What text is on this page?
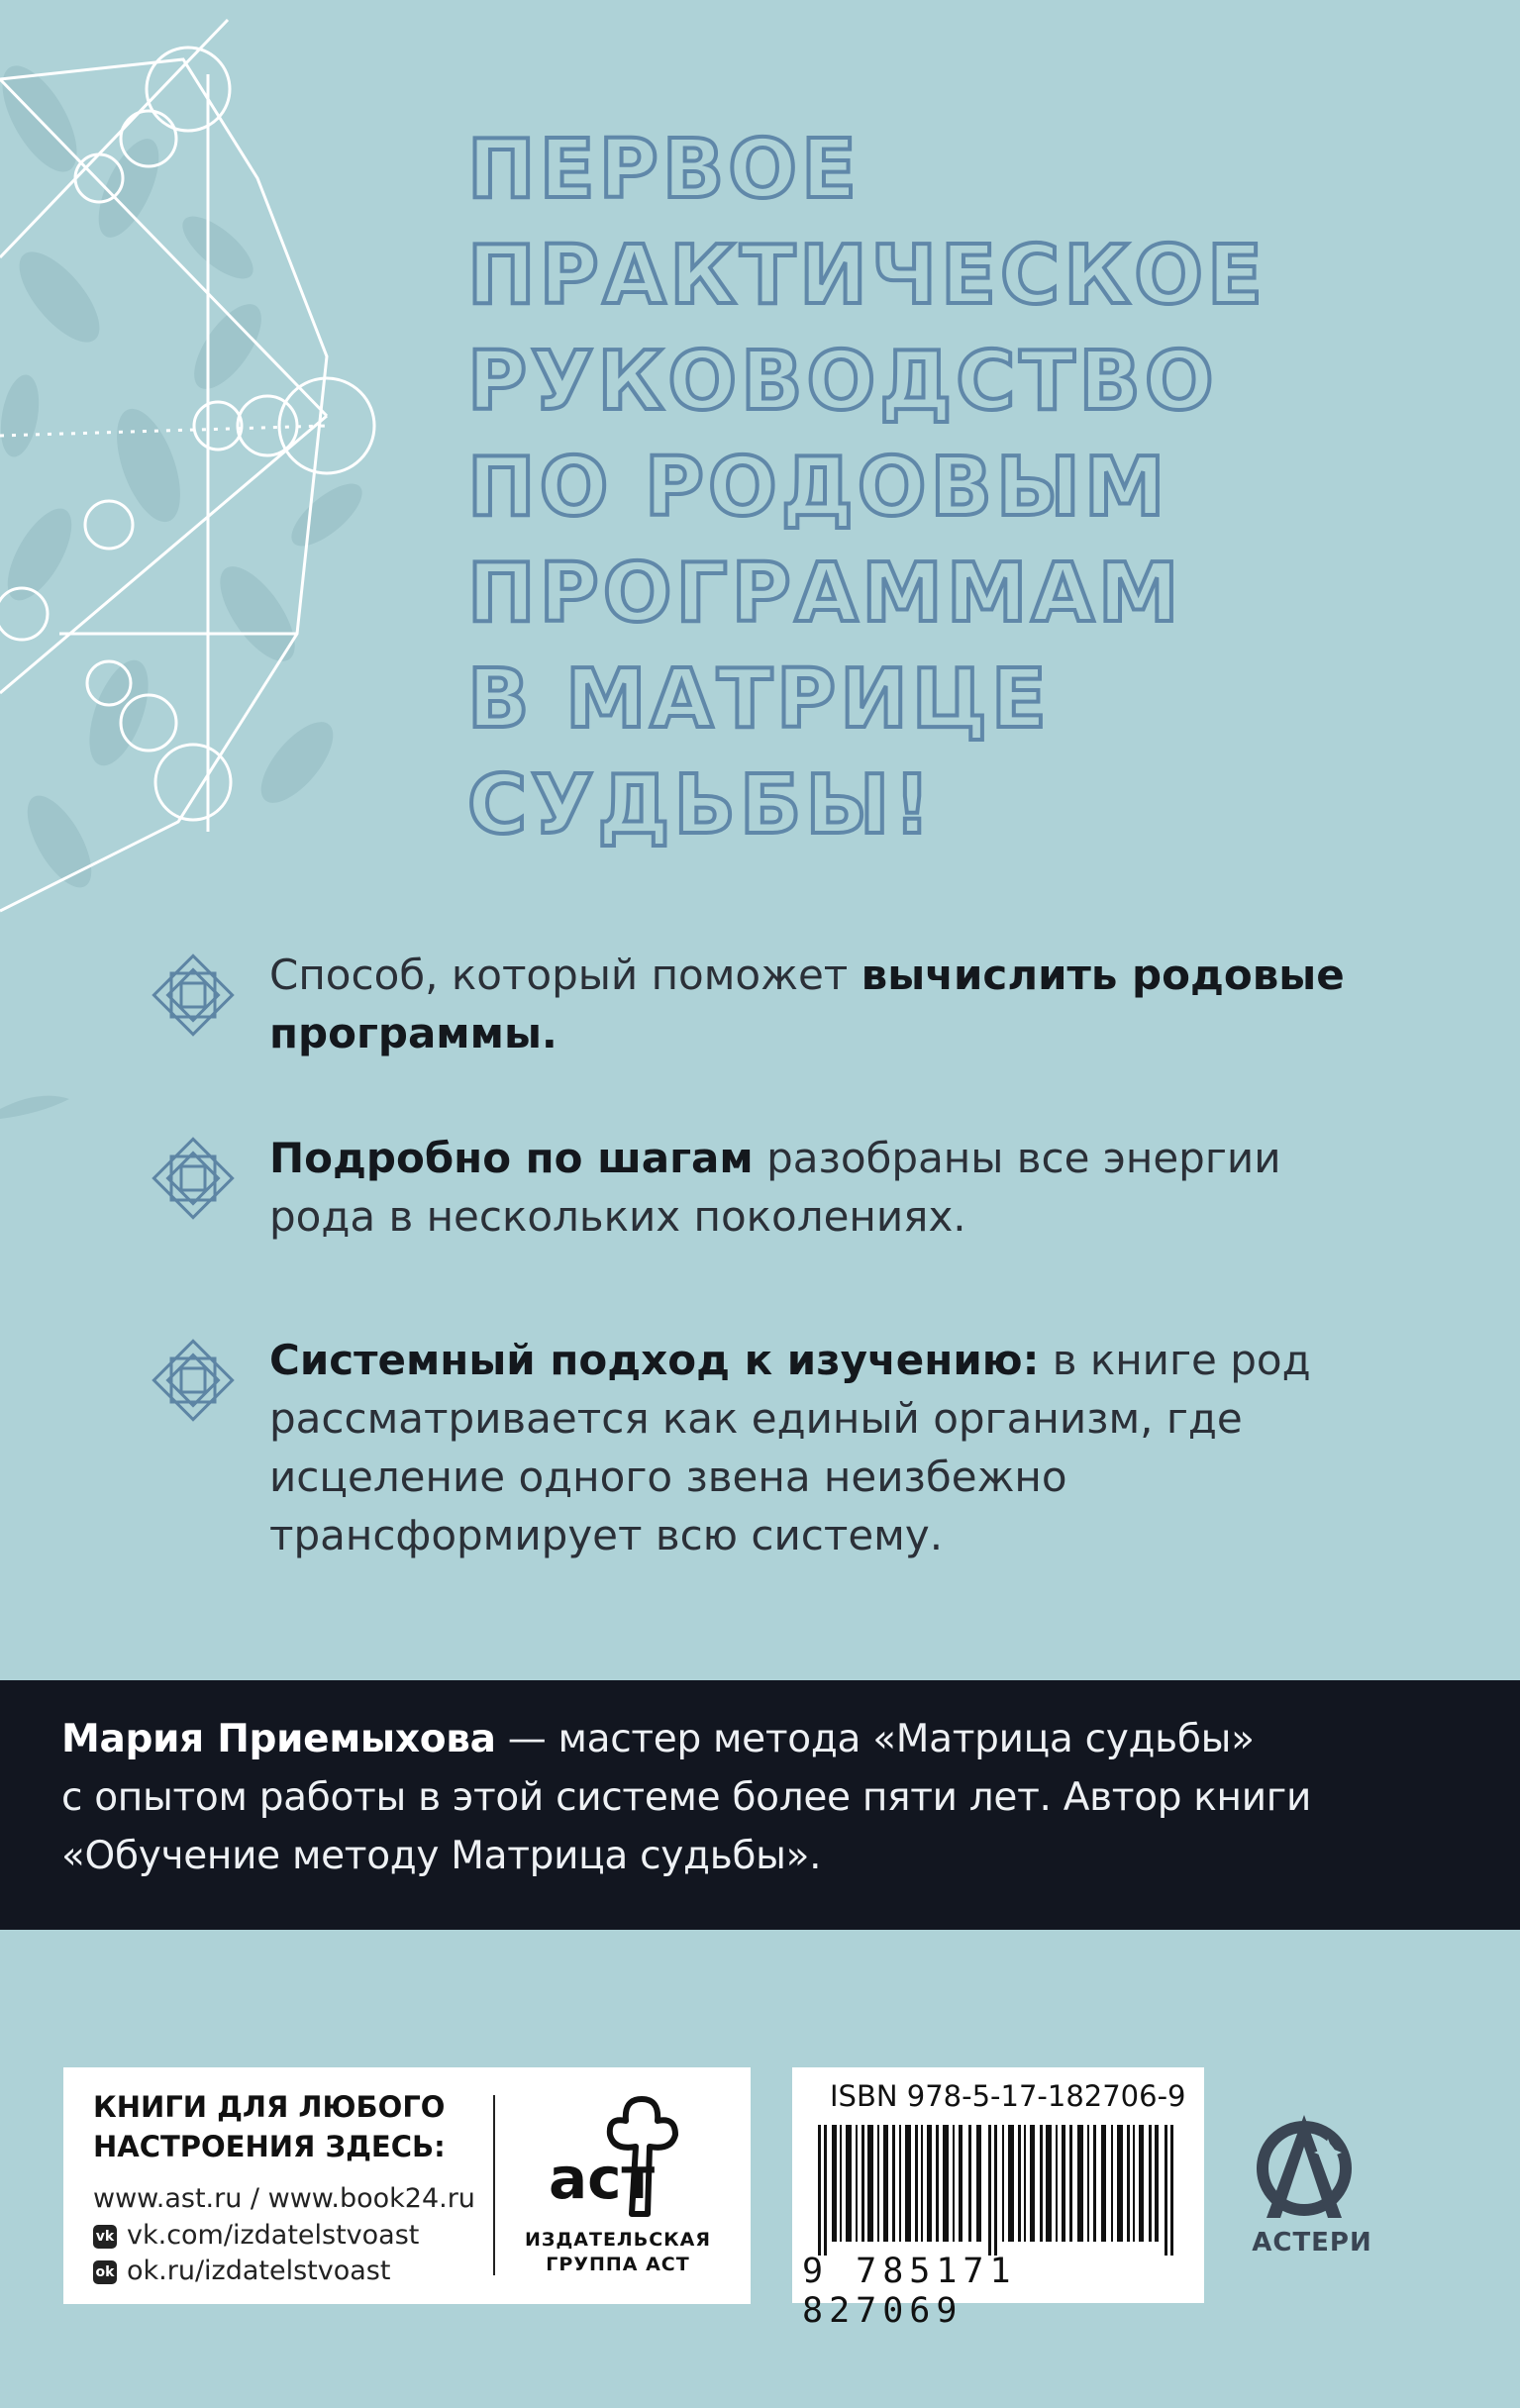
ПЕРВОЕ
ПРАКТИЧЕСКОЕ
РУКОВОДСТВО
ПО РОДОВЫМ
ПРОГРАММАМ
В МАТРИЦЕ
СУДЬБЫ!
Способ, который поможет вычислить родовые программы.
Подробно по шагам разобраны все энергии рода в нескольких поколениях.
Системный подход к изучению: в книге род рассматривается как единый организм, где исцеление одного звена неизбежно трансформирует всю систему.
Мария Приемыхова — мастер метода «Матрица судьбы»
с опытом работы в этой системе более пяти лет. Автор книги
«Обучение методу Матрица судьбы».
КНИГИ ДЛЯ ЛЮБОГО
НАСТРОЕНИЯ ЗДЕСЬ:
www.ast.ru / www.book24.ru
vk vk.com/izdatelstvoast
ok ok.ru/izdatelstvoast
аст
ИЗДАТЕЛЬСКАЯ
ГРУППА АСТ
ISBN 978-5-17-182706-9
9 785171 827069
АСТЕРИ
